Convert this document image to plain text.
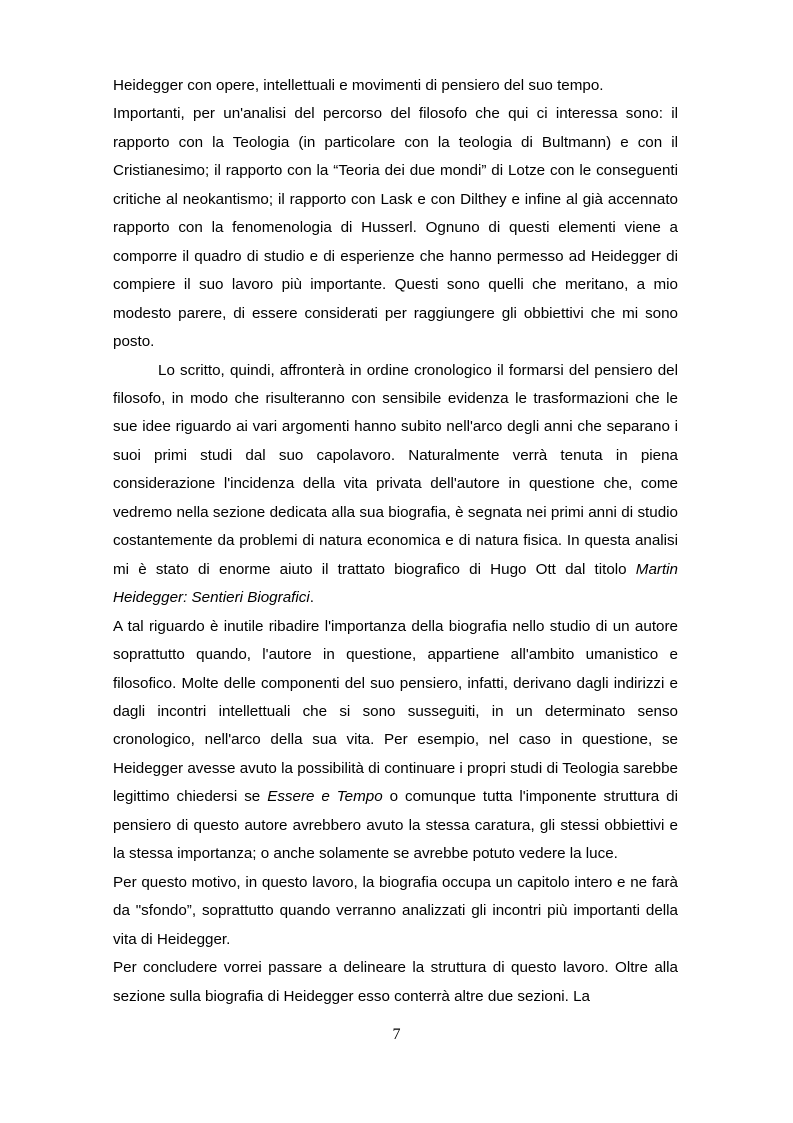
Heidegger con opere, intellettuali e movimenti di pensiero del suo tempo.

Importanti, per un'analisi del percorso del filosofo che qui ci interessa sono: il rapporto con la Teologia (in particolare con la teologia di Bultmann) e con il Cristianesimo; il rapporto con la “Teoria dei due mondi” di Lotze con le conseguenti critiche al neokantismo; il rapporto con Lask e con Dilthey e infine al già accennato rapporto con la fenomenologia di Husserl. Ognuno di questi elementi viene a comporre il quadro di studio e di esperienze che hanno permesso ad Heidegger di compiere il suo lavoro più importante. Questi sono quelli che meritano, a mio modesto parere, di essere considerati per raggiungere gli obbiettivi che mi sono posto.

Lo scritto, quindi, affronterà in ordine cronologico il formarsi del pensiero del filosofo, in modo che risulteranno con sensibile evidenza le trasformazioni che le sue idee riguardo ai vari argomenti hanno subito nell'arco degli anni che separano i suoi primi studi dal suo capolavoro. Naturalmente verrà tenuta in piena considerazione l'incidenza della vita privata dell'autore in questione che, come vedremo nella sezione dedicata alla sua biografia, è segnata nei primi anni di studio costantemente da problemi di natura economica e di natura fisica. In questa analisi mi è stato di enorme aiuto il trattato biografico di Hugo Ott dal titolo Martin Heidegger: Sentieri Biografici.

A tal riguardo è inutile ribadire l'importanza della biografia nello studio di un autore soprattutto quando, l'autore in questione, appartiene all'ambito umanistico e filosofico. Molte delle componenti del suo pensiero, infatti, derivano dagli indirizzi e dagli incontri intellettuali che si sono susseguiti, in un determinato senso cronologico, nell'arco della sua vita. Per esempio, nel caso in questione, se Heidegger avesse avuto la possibilità di continuare i propri studi di Teologia sarebbe legittimo chiedersi se Essere e Tempo o comunque tutta l'imponente struttura di pensiero di questo autore avrebbero avuto la stessa caratura, gli stessi obbiettivi e la stessa importanza; o anche solamente se avrebbe potuto vedere la luce.

Per questo motivo, in questo lavoro, la biografia occupa un capitolo intero e ne farà da "sfondo”, soprattutto quando verranno analizzati gli incontri più importanti della vita di Heidegger.

Per concludere vorrei passare a delineare la struttura di questo lavoro. Oltre alla sezione sulla biografia di Heidegger esso conterrà altre due sezioni. La

7
